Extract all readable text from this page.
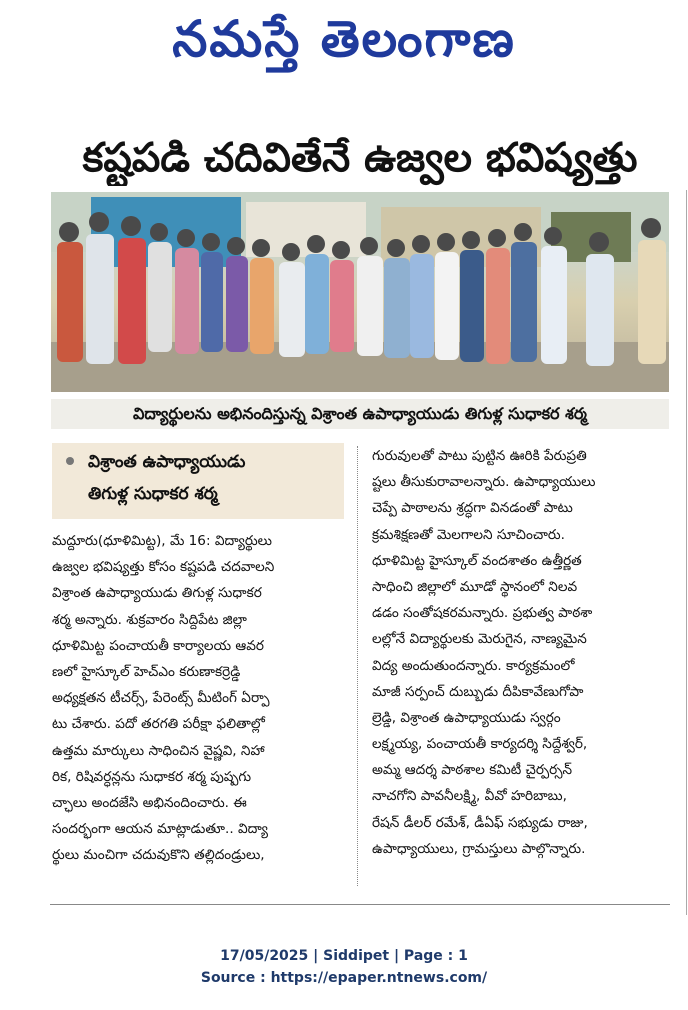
నమస్తే తెలంగాణ
కష్టపడి చదివితేనే ఉజ్వల భవిష్యత్తు
విద్యార్థులను అభినందిస్తున్న విశ్రాంత ఉపాధ్యాయుడు తిగుళ్ల సుధాకర శర్మ
విశ్రాంత ఉపాధ్యాయుడు
తిగుళ్ల సుధాకర శర్మ
మద్దూరు(ధూళిమిట్ట), మే 16: విద్యార్థులు
ఉజ్వల భవిష్యత్తు కోసం కష్టపడి చదవాలని
విశ్రాంత ఉపాధ్యాయుడు తిగుళ్ల సుధాకర
శర్మ అన్నారు. శుక్రవారం సిద్దిపేట జిల్లా
ధూళిమిట్ట పంచాయతీ కార్యాలయ ఆవర
ణలో హైస్కూల్ హెచ్ఎం కరుణాకర్రెడ్డి
అధ్యక్షతన టీచర్స్, పేరెంట్స్ మీటింగ్ ఏర్పా
టు చేశారు. పదో తరగతి పరీక్షా ఫలితాల్లో
ఉత్తమ మార్కులు సాధించిన వైష్ణవి, నిహా
రిక, రిషివర్ధన్లను సుధాకర శర్మ పుష్పగు
చ్ఛాలు అందజేసి అభినందించారు. ఈ
సందర్భంగా ఆయన మాట్లాడుతూ.. విద్యా
ర్థులు మంచిగా చదువుకొని తల్లిదండ్రులు,
గురువులతో పాటు పుట్టిన ఊరికి పేరుప్రతి
ష్టలు తీసుకురావాలన్నారు. ఉపాధ్యాయులు
చెప్పే పాఠాలను శ్రద్ధగా వినడంతో పాటు
క్రమశిక్షణతో మెలగాలని సూచించారు.
ధూళిమిట్ట హైస్కూల్ వందశాతం ఉత్తీర్ణత
సాధించి జిల్లాలో మూడో స్థానంలో నిలవ
డడం సంతోషకరమన్నారు. ప్రభుత్వ పాఠశా
లల్లోనే విద్యార్థులకు మెరుగైన, నాణ్యమైన
విద్య అందుతుందన్నారు. కార్యక్రమంలో
మాజీ సర్పంచ్ దుబ్బుడు దీపికావేణుగోపా
ల్రెడ్డి, విశ్రాంత ఉపాధ్యాయుడు స్వర్గం
లక్ష్మయ్య, పంచాయతీ కార్యదర్శి సిద్దేశ్వర్,
అమ్మ ఆదర్శ పాఠశాల కమిటీ చైర్పర్సన్
నాచగోని పావనీలక్ష్మి, వీవో హరిబాబు,
రేషన్ డీలర్ రమేశ్, డీఏఫ్ సభ్యుడు రాజు,
ఉపాధ్యాయులు, గ్రామస్తులు పాల్గొన్నారు.
17/05/2025 | Siddipet | Page : 1
Source : https://epaper.ntnews.com/
